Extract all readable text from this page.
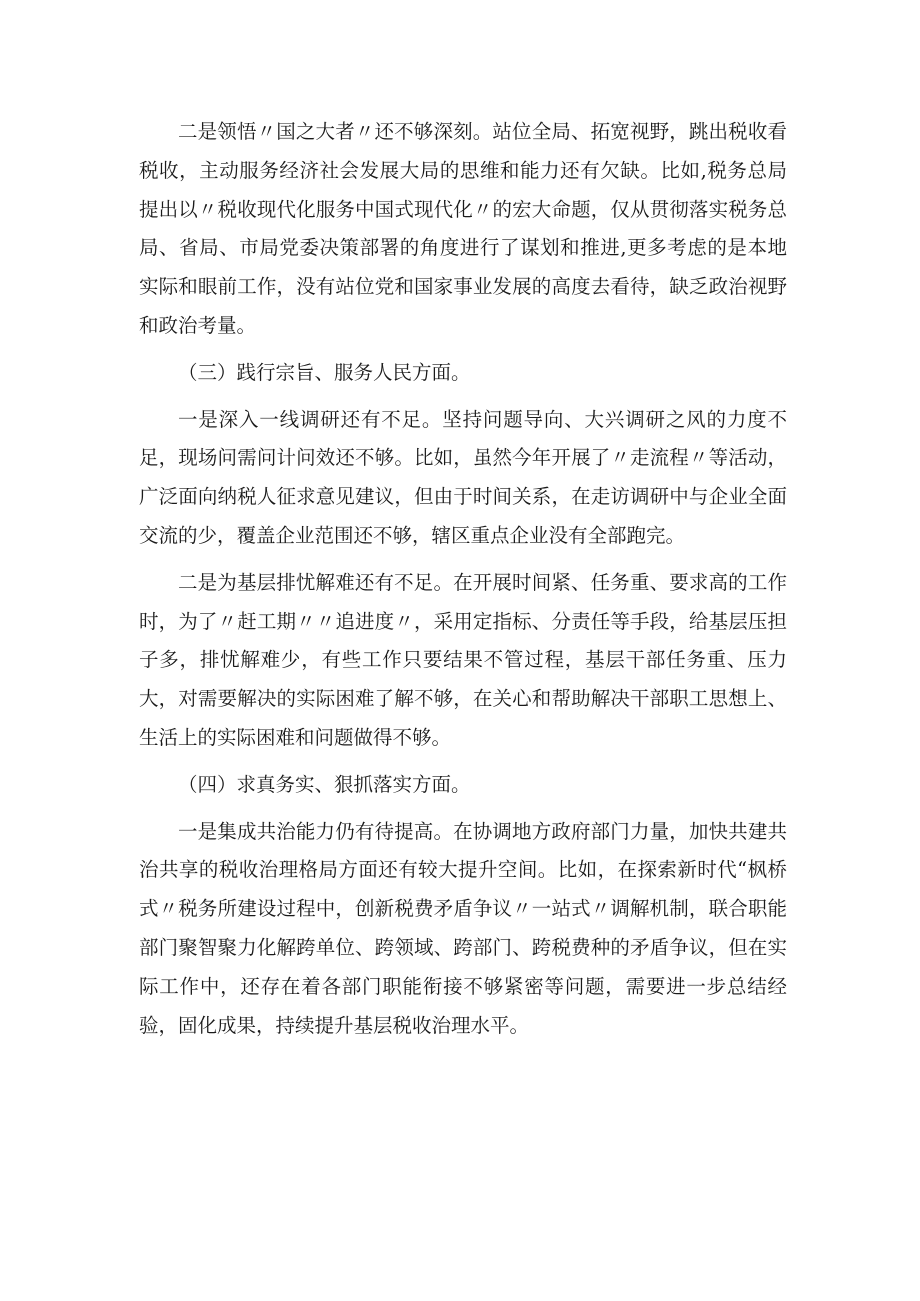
二是领悟〃国之大者〃还不够深刻。站位全局、拓宽视野，跳出税收看税收，主动服务经济社会发展大局的思维和能力还有欠缺。比如,税务总局提出以〃税收现代化服务中国式现代化〃的宏大命题，仅从贯彻落实税务总局、省局、市局党委决策部署的角度进行了谋划和推进,更多考虑的是本地实际和眼前工作，没有站位党和国家事业发展的高度去看待，缺乏政治视野和政治考量。

（三）践行宗旨、服务人民方面。

一是深入一线调研还有不足。坚持问题导向、大兴调研之风的力度不足，现场问需问计问效还不够。比如，虽然今年开展了〃走流程〃等活动，广泛面向纳税人征求意见建议，但由于时间关系，在走访调研中与企业全面交流的少，覆盖企业范围还不够，辖区重点企业没有全部跑完。

二是为基层排忧解难还有不足。在开展时间紧、任务重、要求高的工作时，为了〃赶工期〃〃追进度〃，采用定指标、分责任等手段，给基层压担子多，排忧解难少，有些工作只要结果不管过程，基层干部任务重、压力大，对需要解决的实际困难了解不够，在关心和帮助解决干部职工思想上、生活上的实际困难和问题做得不够。

（四）求真务实、狠抓落实方面。

一是集成共治能力仍有待提高。在协调地方政府部门力量，加快共建共治共享的税收治理格局方面还有较大提升空间。比如，在探索新时代“枫桥式〃税务所建设过程中，创新税费矛盾争议〃一站式〃调解机制，联合职能部门聚智聚力化解跨单位、跨领域、跨部门、跨税费种的矛盾争议，但在实际工作中，还存在着各部门职能衔接不够紧密等问题，需要进一步总结经验，固化成果，持续提升基层税收治理水平。
